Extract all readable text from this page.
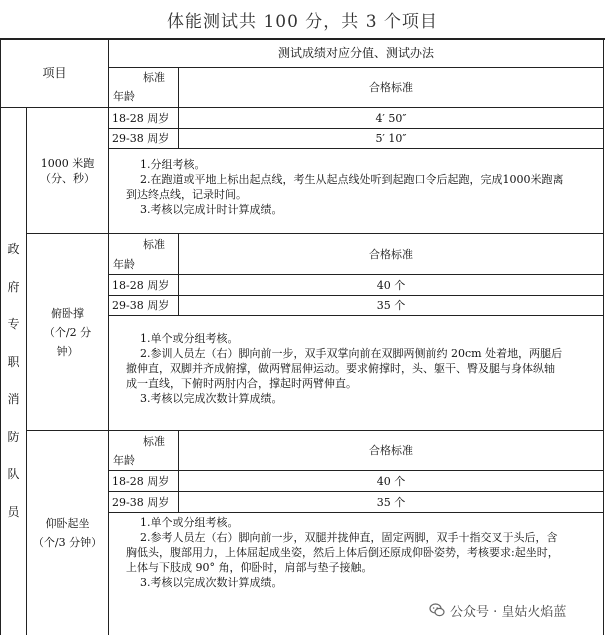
体能测试共 100 分，共 3 个项目
项目
测试成绩对应分值、测试办法
标准
年龄
合格标准
政
府
专
职
消
防
队
员
1000 米跑
（分、秒）
18-28 周岁	4′ 50″
29-38 周岁	5′ 10″
1.分组考核。
2.在跑道或平地上标出起点线，考生从起点线处听到起跑口令后起跑，完成1000米跑离
到达终点线，记录时间。
3.考核以完成计时计算成绩。
俯卧撑
（个/2 分
钟）
标准
年龄
合格标准
18-28 周岁	40 个
29-38 周岁	35 个
1.单个或分组考核。
2.参训人员左（右）脚向前一步，双手双掌向前在双脚两侧前约 20cm 处着地，两腿后
撤伸直，双脚并齐成俯撑，做两臂屈伸运动。要求俯撑时，头、躯干、臀及腿与身体纵轴
成一直线，下俯时两肘内合，撑起时两臂伸直。
3.考核以完成次数计算成绩。
仰卧起坐
（个/3 分钟）
标准
年龄
合格标准
18-28 周岁	40 个
29-38 周岁	35 个
1.单个或分组考核。
2.参考人员左（右）脚向前一步，双腿并拢伸直，固定两脚，双手十指交叉于头后，含
胸低头，腹部用力，上体屈起成坐姿，然后上体后倒还原成仰卧姿势，考核要求:起坐时，
上体与下肢成 90° 角，仰卧时，肩部与垫子接触。
3.考核以完成次数计算成绩。
公众号 · 皇姑火焰蓝
